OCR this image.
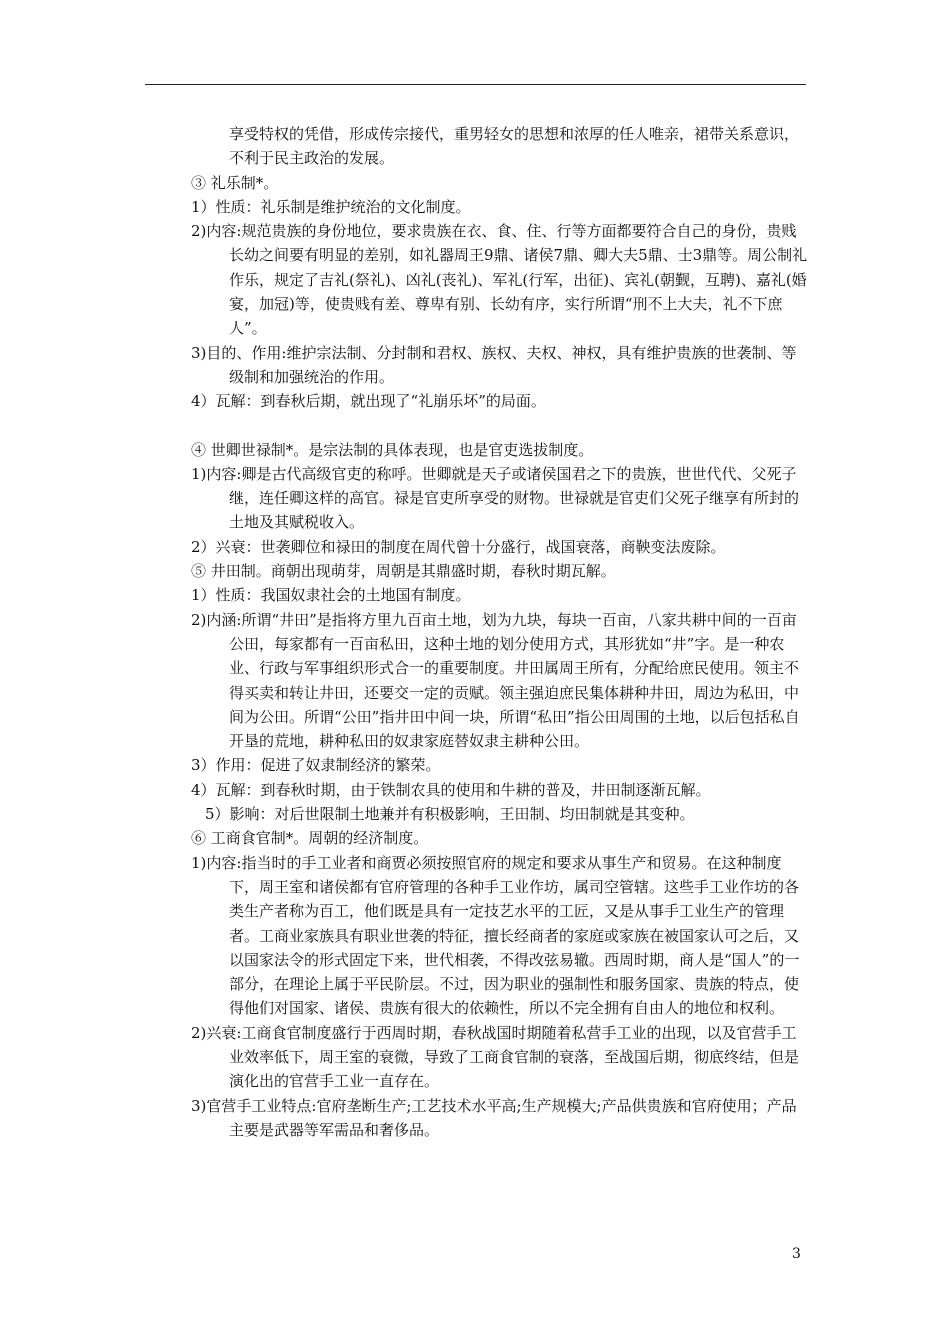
享受特权的凭借，形成传宗接代，重男轻女的思想和浓厚的任人唯亲，裙带关系意识，不利于民主政治的发展。

③ 礼乐制*。

1）性质：礼乐制是维护统治的文化制度。

2)内容:规范贵族的身份地位，要求贵族在衣、食、住、行等方面都要符合自己的身份，贵贱长幼之间要有明显的差别，如礼器周王9鼎、诸侯7鼎、卿大夫5鼎、士3鼎等。周公制礼作乐，规定了吉礼(祭礼)、凶礼(丧礼)、军礼(行军，出征)、宾礼(朝觐，互聘)、嘉礼(婚宴，加冠)等，使贵贱有差、尊卑有别、长幼有序，实行所谓“刑不上大夫，礼不下庶人”。

3)目的、作用:维护宗法制、分封制和君权、族权、夫权、神权，具有维护贵族的世袭制、等级制和加强统治的作用。

4）瓦解：到春秋后期，就出现了“礼崩乐坏”的局面。

④ 世卿世禄制*。是宗法制的具体表现，也是官吏选拔制度。

1)内容:卿是古代高级官吏的称呼。世卿就是天子或诸侯国君之下的贵族，世世代代、父死子继，连任卿这样的高官。禄是官吏所享受的财物。世禄就是官吏们父死子继享有所封的土地及其赋税收入。

2）兴衰：世袭卿位和禄田的制度在周代曾十分盛行，战国衰落，商鞅变法废除。

⑤ 井田制。商朝出现萌芽，周朝是其鼎盛时期，春秋时期瓦解。

1）性质：我国奴隶社会的土地国有制度。

2)内涵:所谓“井田”是指将方里九百亩土地，划为九块，每块一百亩，八家共耕中间的一百亩公田，每家都有一百亩私田，这种土地的划分使用方式，其形犹如“井”字。是一种农业、行政与军事组织形式合一的重要制度。井田属周王所有，分配给庶民使用。领主不得买卖和转让井田，还要交一定的贡赋。领主强迫庶民集体耕种井田，周边为私田，中间为公田。所谓“公田”指井田中间一块，所谓“私田”指公田周围的土地，以后包括私自开垦的荒地，耕种私田的奴隶家庭替奴隶主耕种公田。

3）作用：促进了奴隶制经济的繁荣。

4）瓦解：到春秋时期，由于铁制农具的使用和牛耕的普及，井田制逐渐瓦解。

5）影响：对后世限制土地兼并有积极影响，王田制、均田制就是其变种。

⑥ 工商食官制*。周朝的经济制度。

1)内容:指当时的手工业者和商贾必须按照官府的规定和要求从事生产和贸易。在这种制度下，周王室和诸侯都有官府管理的各种手工业作坊，属司空管辖。这些手工业作坊的各类生产者称为百工，他们既是具有一定技艺水平的工匠，又是从事手工业生产的管理者。工商业家族具有职业世袭的特征，擅长经商者的家庭或家族在被国家认可之后，又以国家法令的形式固定下来，世代相袭，不得改弦易辙。西周时期，商人是“国人”的一部分，在理论上属于平民阶层。不过，因为职业的强制性和服务国家、贵族的特点，使得他们对国家、诸侯、贵族有很大的依赖性，所以不完全拥有自由人的地位和权利。

2)兴衰:工商食官制度盛行于西周时期，春秋战国时期随着私营手工业的出现，以及官营手工业效率低下，周王室的衰微，导致了工商食官制的衰落，至战国后期，彻底终结，但是演化出的官营手工业一直存在。

3)官营手工业特点:官府垄断生产;工艺技术水平高;生产规模大;产品供贵族和官府使用；产品主要是武器等军需品和奢侈品。

3
